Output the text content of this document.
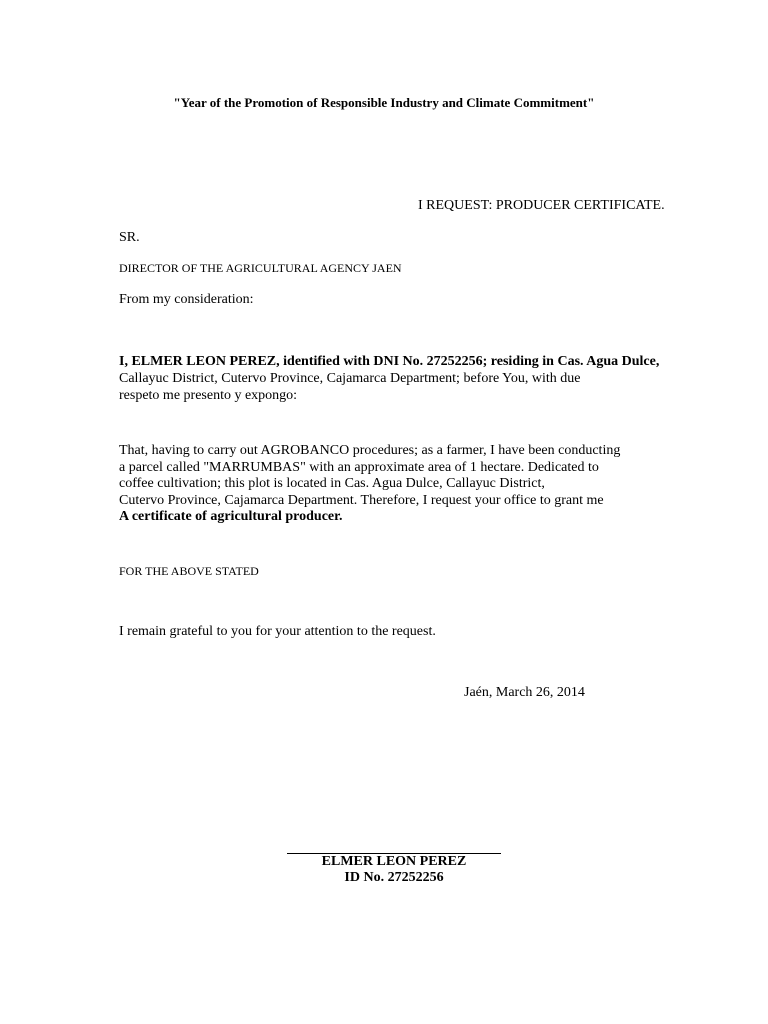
"Year of the Promotion of Responsible Industry and Climate Commitment"
I REQUEST: PRODUCER CERTIFICATE.
SR.
DIRECTOR OF THE AGRICULTURAL AGENCY JAEN
From my consideration:
I, ELMER LEON PEREZ, identified with DNI No. 27252256; residing in Cas. Agua Dulce,
Callayuc District, Cutervo Province, Cajamarca Department; before You, with due
respeto me presento y expongo:
That, having to carry out AGROBANCO procedures; as a farmer, I have been conducting
a parcel called "MARRUMBAS" with an approximate area of 1 hectare. Dedicated to
coffee cultivation; this plot is located in Cas. Agua Dulce, Callayuc District,
Cutervo Province, Cajamarca Department. Therefore, I request your office to grant me
A certificate of agricultural producer.
FOR THE ABOVE STATED
I remain grateful to you for your attention to the request.
Jaén, March 26, 2014
ELMER LEON PEREZ
ID No. 27252256
